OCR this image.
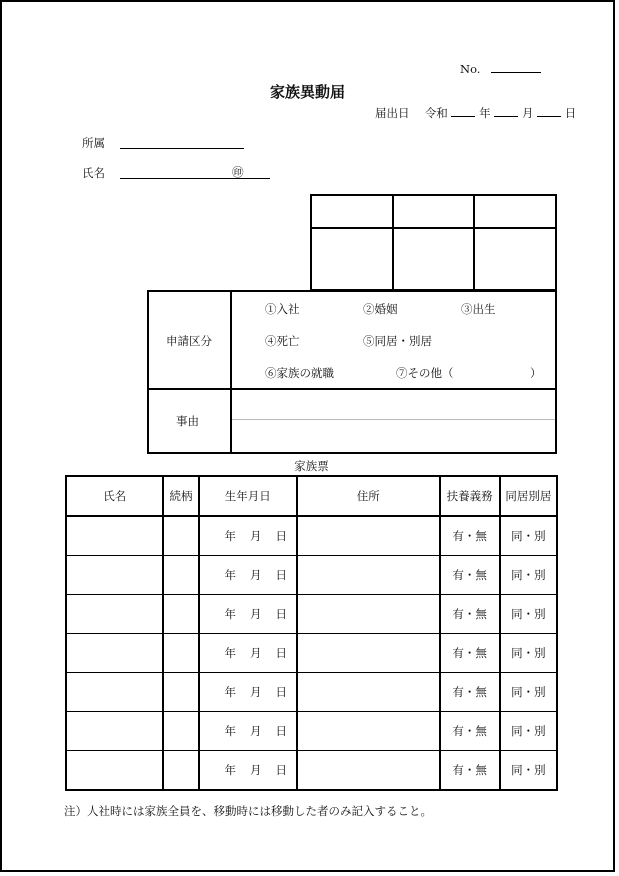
No.
家族異動届
届出日 令和	年	月	日
所属
氏名	㊞

申請区分
①入社	②婚姻	③出生
④死亡	⑤同居・別居
⑥家族の就職	⑦その他（	）
事由
家族票
氏名	続柄	生年月日	住所	扶養義務	同居別居
		年 月 日		有・無	同・別
		年 月 日		有・無	同・別
		年 月 日		有・無	同・別
		年 月 日		有・無	同・別
		年 月 日		有・無	同・別
		年 月 日		有・無	同・別
		年 月 日		有・無	同・別
注）人社時には家族全員を、移動時には移動した者のみ記入すること。
